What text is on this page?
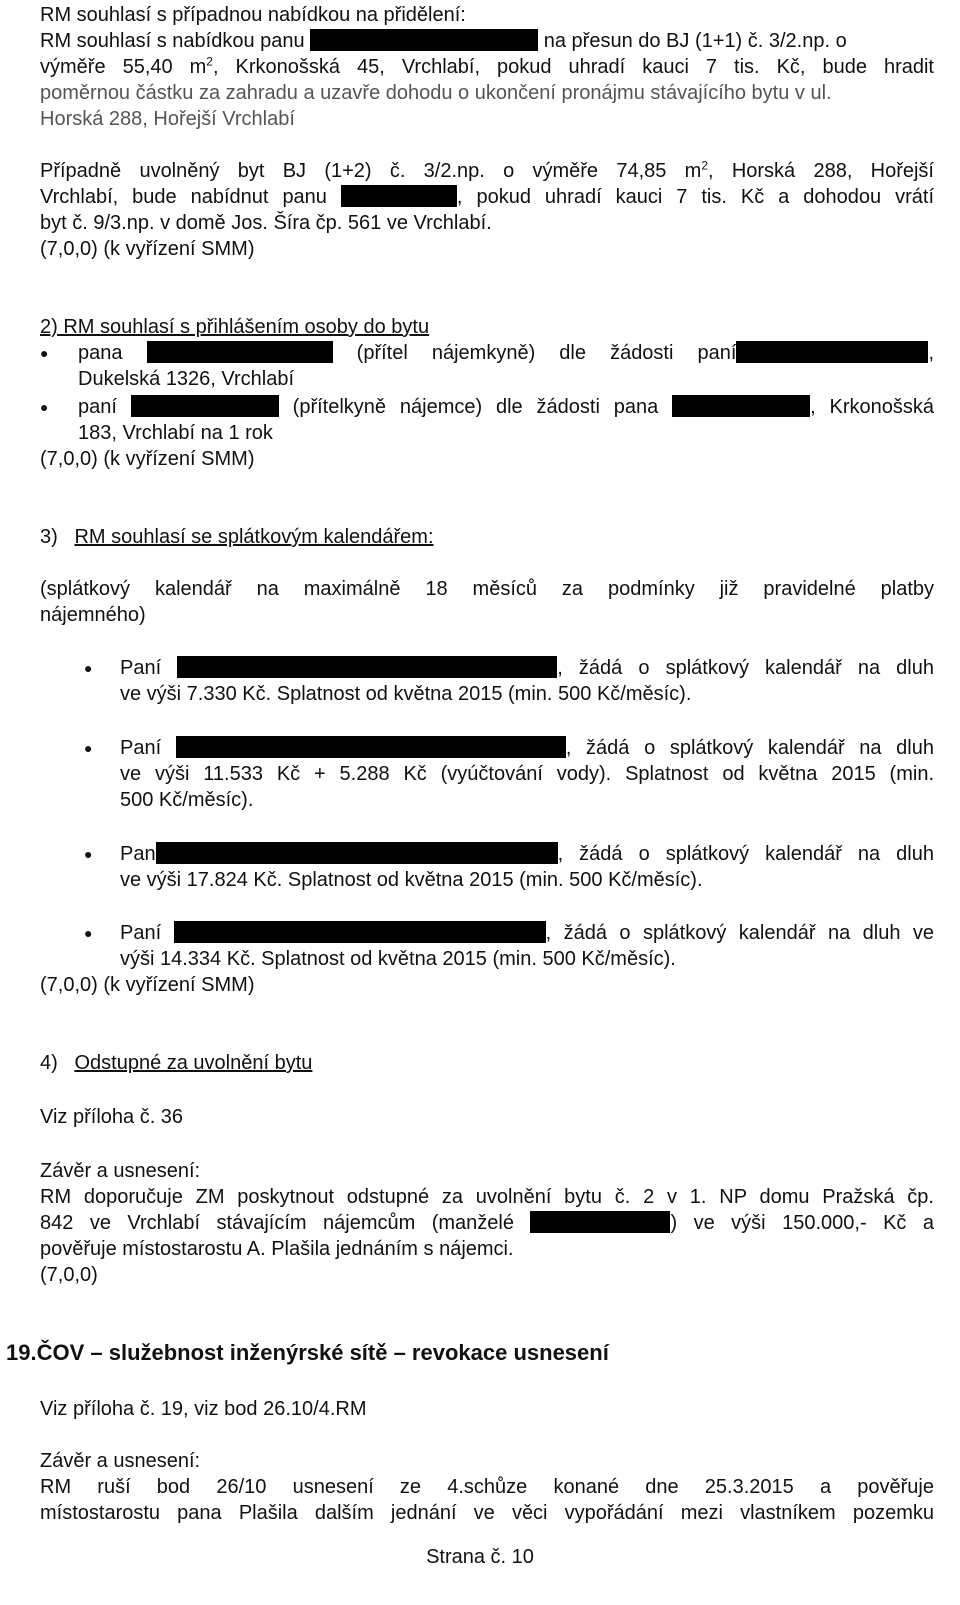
RM souhlasí s případnou nabídkou na přidělení:
RM souhlasí s nabídkou panu	na přesun do BJ (1+1) č. 3/2.np. o
výměře 55,40 $m^2$, Krkonošská 45, Vrchlabí, pokud uhradí kauci 7 tis. Kč, bude hradit
poměrnou částku za zahradu a uzavře dohodu o ukončení pronájmu stávajícího bytu v ul.
Horská 288, Hořejší Vrchlabí
Případně uvolněný byt BJ (1+2) č. 3/2.np. o výměře 74,85 $m^2$, Horská 288, Hořejší
Vrchlabí, bude nabídnut panu	, pokud uhradí kauci 7 tis. Kč a dohodou vrátí
byt č. 9/3.np. v domě Jos. Šíra čp. 561 ve Vrchlabí.
(7,0,0) (k vyřízení SMM)
2) RM souhlasí s přihlášením osoby do bytu
● pana	(přítel nájemkyně) dle žádosti paní	,
Dukelská 1326, Vrchlabí
● paní	(přítelkyně nájemce) dle žádosti pana	, Krkonošská
183, Vrchlabí na 1 rok
(7,0,0) (k vyřízení SMM)
3) RM souhlasí se splátkovým kalendářem:
(splátkový kalendář na maximálně 18 měsíců za podmínky již pravidelné platby
nájemného)
● Paní	, žádá o splátkový kalendář na dluh
ve výši 7.330 Kč. Splatnost od května 2015 (min. 500 Kč/měsíc).
● Paní	, žádá o splátkový kalendář na dluh
ve výši 11.533 Kč + 5.288 Kč (vyúčtování vody). Splatnost od května 2015 (min.
500 Kč/měsíc).
● Pan	, žádá o splátkový kalendář na dluh
ve výši 17.824 Kč. Splatnost od května 2015 (min. 500 Kč/měsíc).
● Paní	, žádá o splátkový kalendář na dluh ve
výši 14.334 Kč. Splatnost od května 2015 (min. 500 Kč/měsíc).
(7,0,0) (k vyřízení SMM)
4) Odstupné za uvolnění bytu
Viz příloha č. 36
Závěr a usnesení:
RM doporučuje ZM poskytnout odstupné za uvolnění bytu č. 2 v 1. NP domu Pražská čp.
842 ve Vrchlabí stávajícím nájemcům (manželé	) ve výši 150.000,- Kč a
pověřuje místostarostu A. Plašila jednáním s nájemci.
(7,0,0)
19.ČOV – služebnost inženýrské sítě – revokace usnesení
Viz příloha č. 19, viz bod 26.10/4.RM
Závěr a usnesení:
RM ruší bod 26/10 usnesení ze 4.schůze konané dne 25.3.2015 a pověřuje
místostarostu pana Plašila dalším jednání ve věci vypořádání mezi vlastníkem pozemku
Strana č. 10
